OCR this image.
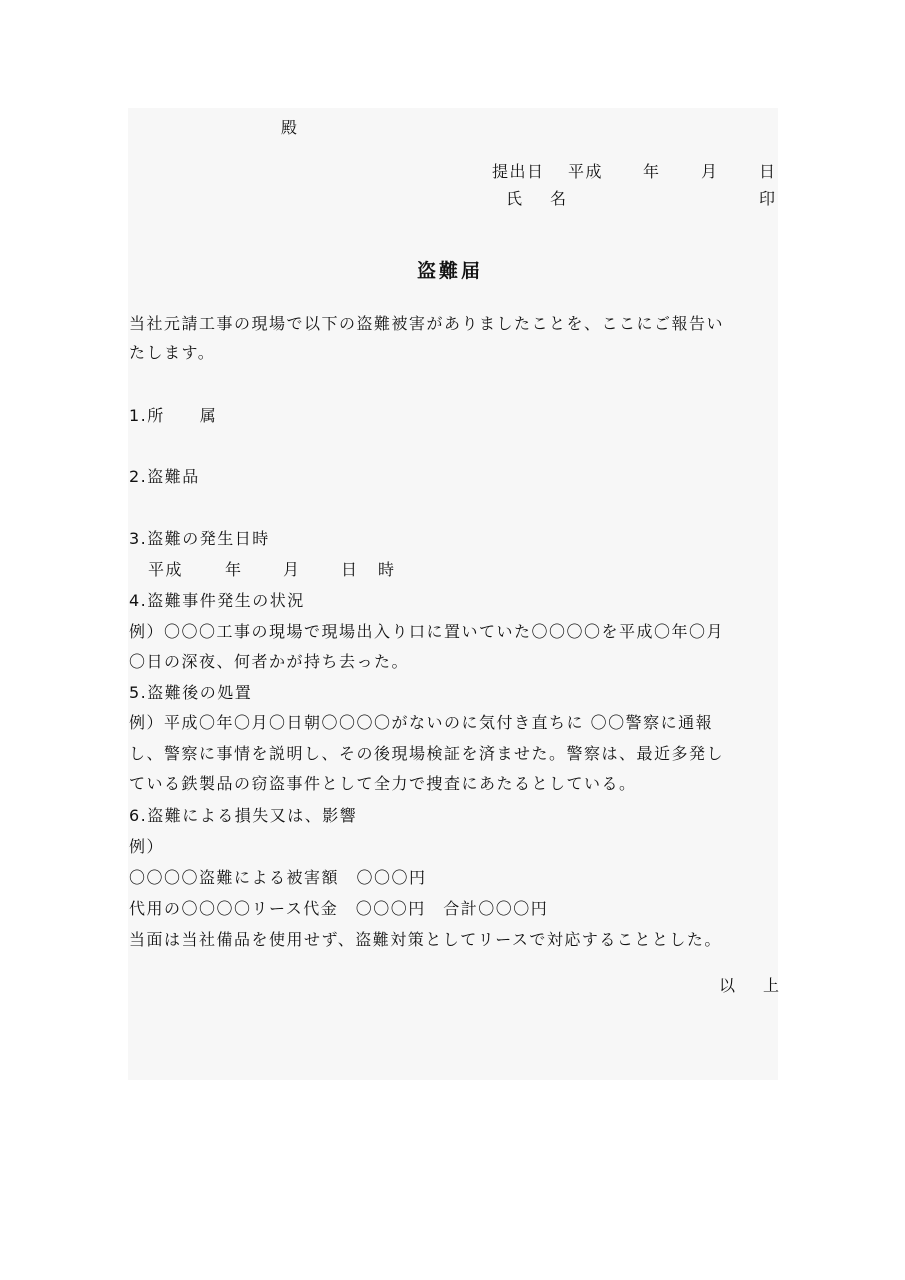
殿
提出日 平成 年	月	日
氏　名	印
盗難届
当社元請工事の現場で以下の盗難被害がありましたことを、ここにご報告い
たします。
1.所　　属
2.盗難品
3.盗難の発生日時
平成	年	月	日 時
4.盗難事件発生の状況
例）〇〇〇工事の現場で現場出入り口に置いていた〇〇〇〇を平成〇年〇月
〇日の深夜、何者かが持ち去った。
5.盗難後の処置
例）平成〇年〇月〇日朝〇〇〇〇がないのに気付き直ちに 〇〇警察に通報
し、警察に事情を説明し、その後現場検証を済ませた。警察は、最近多発し
ている鉄製品の窃盗事件として全力で捜査にあたるとしている。
6.盗難による損失又は、影響
例）
〇〇〇〇盗難による被害額　〇〇〇円
代用の〇〇〇〇リース代金　〇〇〇円　合計〇〇〇円
当面は当社備品を使用せず、盗難対策としてリースで対応することとした。
以　上
